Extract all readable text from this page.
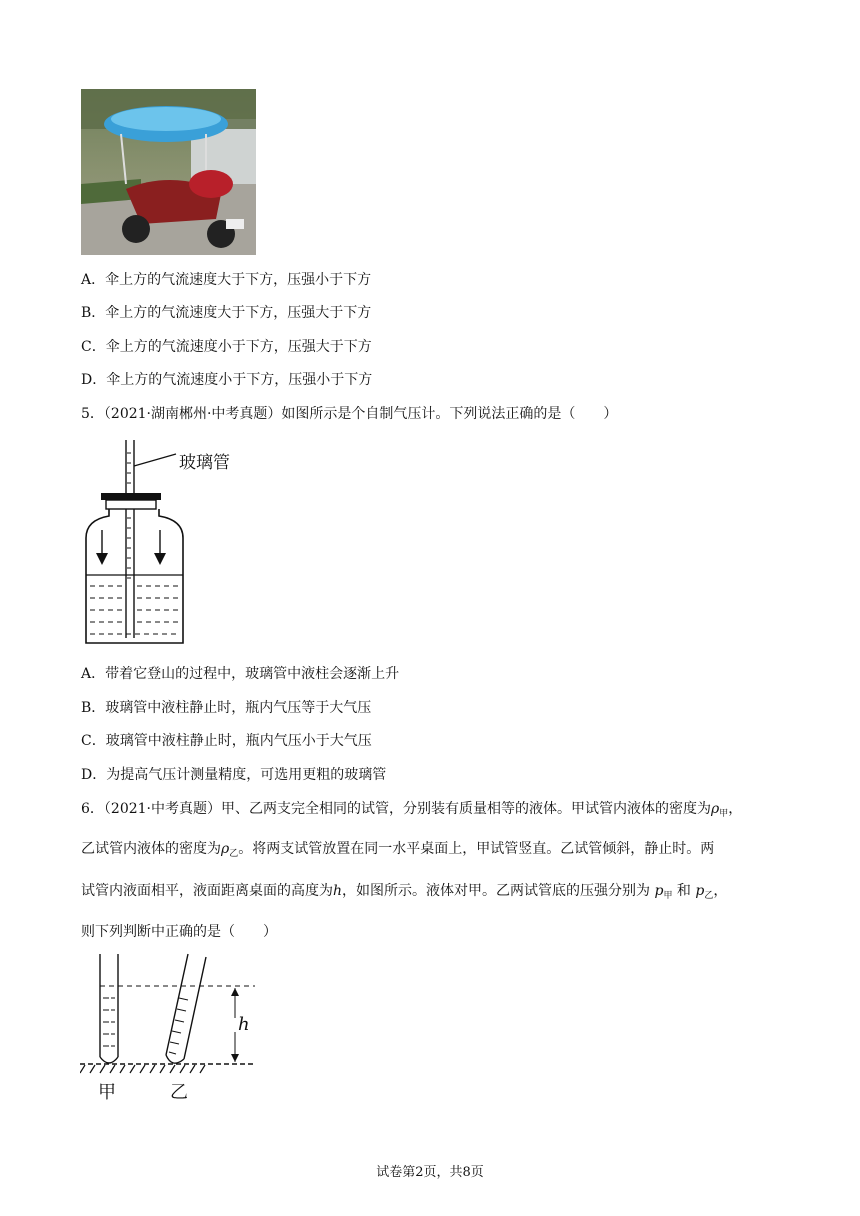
A．伞上方的气流速度大于下方，压强小于下方
B．伞上方的气流速度大于下方，压强大于下方
C．伞上方的气流速度小于下方，压强大于下方
D．伞上方的气流速度小于下方，压强小于下方
5．（2021·湖南郴州·中考真题）如图所示是个自制气压计。下列说法正确的是（　　）
玻璃管
A．带着它登山的过程中，玻璃管中液柱会逐渐上升
B．玻璃管中液柱静止时，瓶内气压等于大气压
C．玻璃管中液柱静止时，瓶内气压小于大气压
D．为提高气压计测量精度，可选用更粗的玻璃管
6．（2021·中考真题）甲、乙两支完全相同的试管，分别装有质量相等的液体。甲试管内液体的密度为$\rho_甲$，
乙试管内液体的密度为$\rho_乙$。将两支试管放置在同一水平桌面上，甲试管竖直。乙试管倾斜，静止时。两
试管内液面相平，液面距离桌面的高度为h，如图所示。液体对甲。乙两试管底的压强分别为 $p_甲$ 和 $p_乙$，
则下列判断中正确的是（　　）
h
甲	乙
试卷第2页，共8页
